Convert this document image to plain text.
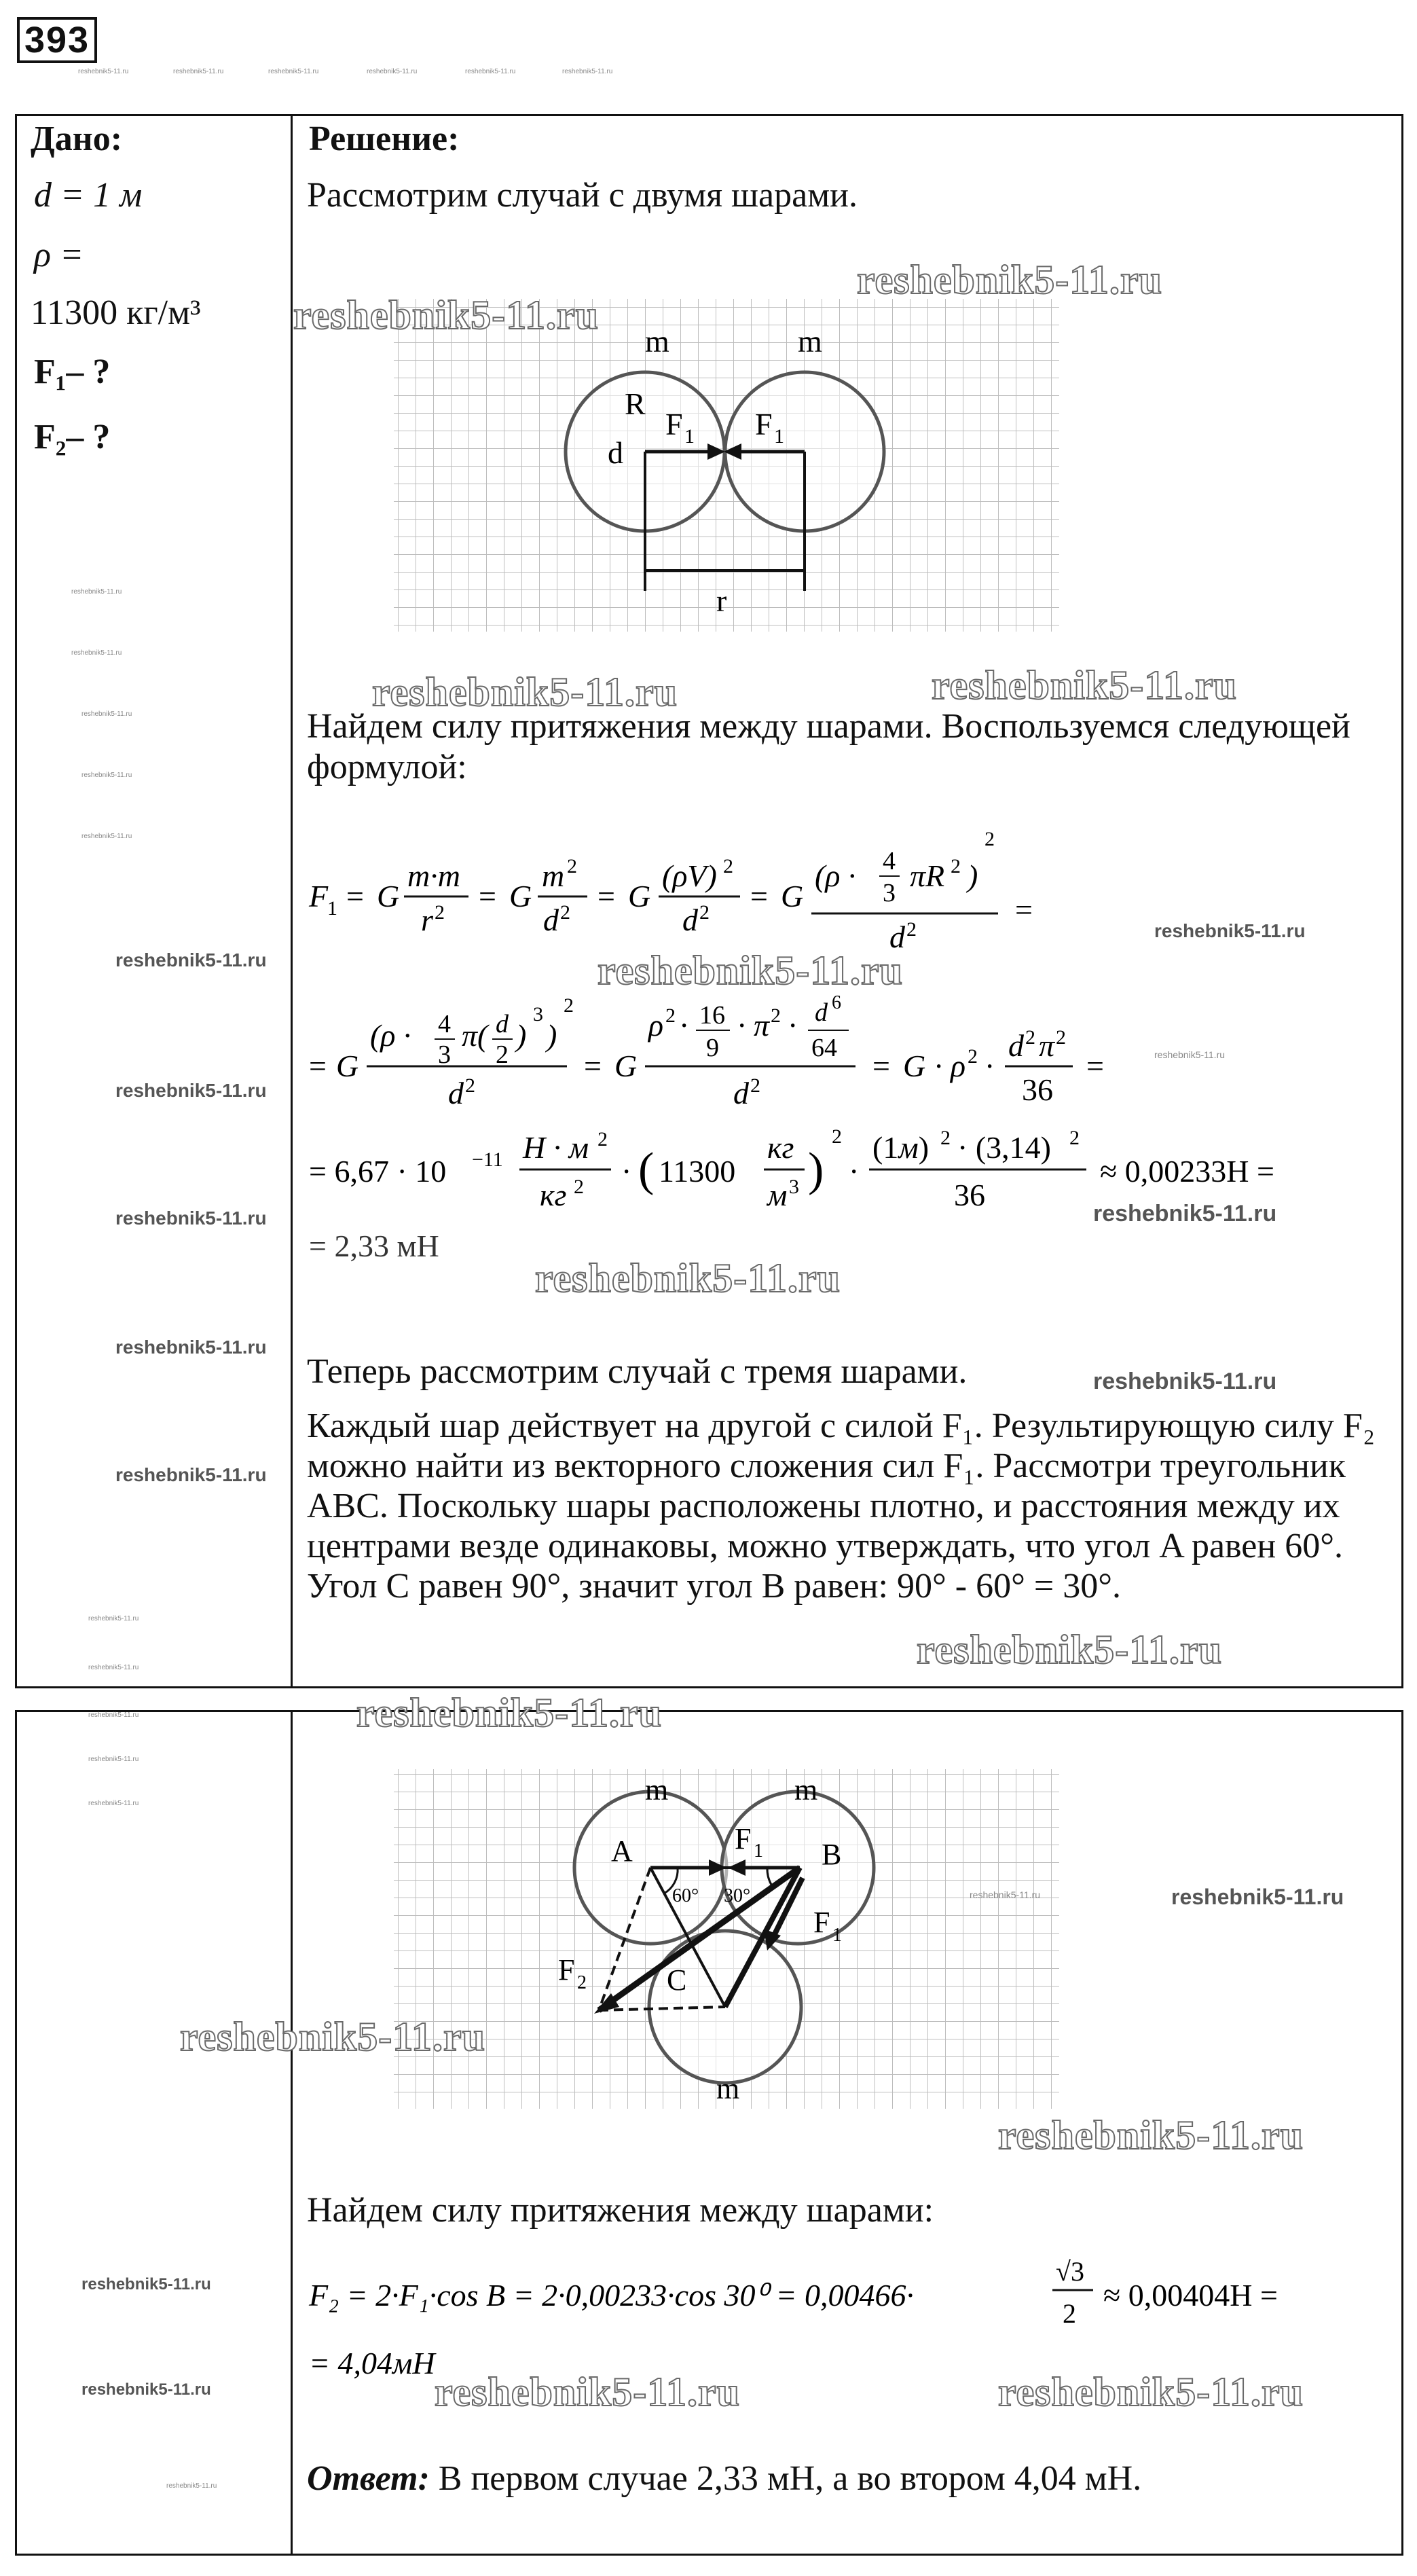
393
reshebnik5-11.ru	reshebnik5-11.ru	reshebnik5-11.ru	reshebnik5-11.ru	reshebnik5-11.ru	reshebnik5-11.ru
Дано:
d = 1 м
ρ =
11300 кг/м³
F₁– ?
F₂– ?
reshebnik5-11.ru
reshebnik5-11.ru
reshebnik5-11.ru
reshebnik5-11.ru
reshebnik5-11.ru
reshebnik5-11.ru
reshebnik5-11.ru
reshebnik5-11.ru
reshebnik5-11.ru
reshebnik5-11.ru
reshebnik5-11.ru
reshebnik5-11.ru
Решение:
Рассмотрим случай с двумя шарами.
m	m
R
d
F 1 F 1
r
reshebnik5-11.ru
reshebnik5-11.ru
reshebnik5-11.ru	reshebnik5-11.ru
Найдем силу притяжения между шарами. Воспользуемся следующей формулой:
F
1 = G
m·m
r 2 = G
m 2
d 2 = G
(ρV) 2
d 2 = G
(ρ · 4
3 πR 2 )
2
d 2
=
= G
(ρ · 4
3
π( d
2
)
3
)
2
d 2
= G
ρ 2 · 16
9
· π 2 · d 6
64
d 2
= G · ρ 2 ·
d 2 π 2
36
=
= 6,67 · 10 −11 H · м 2
кг 2 · ( 11300
кг
м 3 )
2
·
(1м) 2 · (3,14) 2
36
≈ 0,00233H =
= 2,33 мH
reshebnik5-11.ru
reshebnik5-11.ru
reshebnik5-11.ru
reshebnik5-11.ru
reshebnik5-11.ru
reshebnik5-11.ru
Теперь рассмотрим случай с тремя шарами.
Каждый шар действует на другой с силой F₁. Результирующую силу F₂ можно найти из векторного сложения сил F₁. Рассмотри треугольник ABC. Поскольку шары расположены плотно, и расстояния между их центрами везде одинаковы, можно утверждать, что угол A равен 60°. Угол C равен 90°, значит угол B равен: 90° - 60° = 30°.
reshebnik5-11.ru
reshebnik5-11.ru
reshebnik5-11.ru
reshebnik5-11.ru
reshebnik5-11.ru	m	m
m
A	B
C
F 1
F 1
F 2
60° 30°	reshebnik5-11.ru	reshebnik5-11.ru
reshebnik5-11.ru
reshebnik5-11.ru
Найдем силу притяжения между шарами:
F₂ = 2·F₁·cos B = 2·0,00233·cos 30⁰ = 0,00466·
√3
2
≈ 0,00404H =
= 4,04мH
reshebnik5-11.ru
reshebnik5-11.ru
reshebnik5-11.ru
reshebnik5-11.ru	reshebnik5-11.ru
Ответ: В первом случае 2,33 мН, а во втором 4,04 мН.
